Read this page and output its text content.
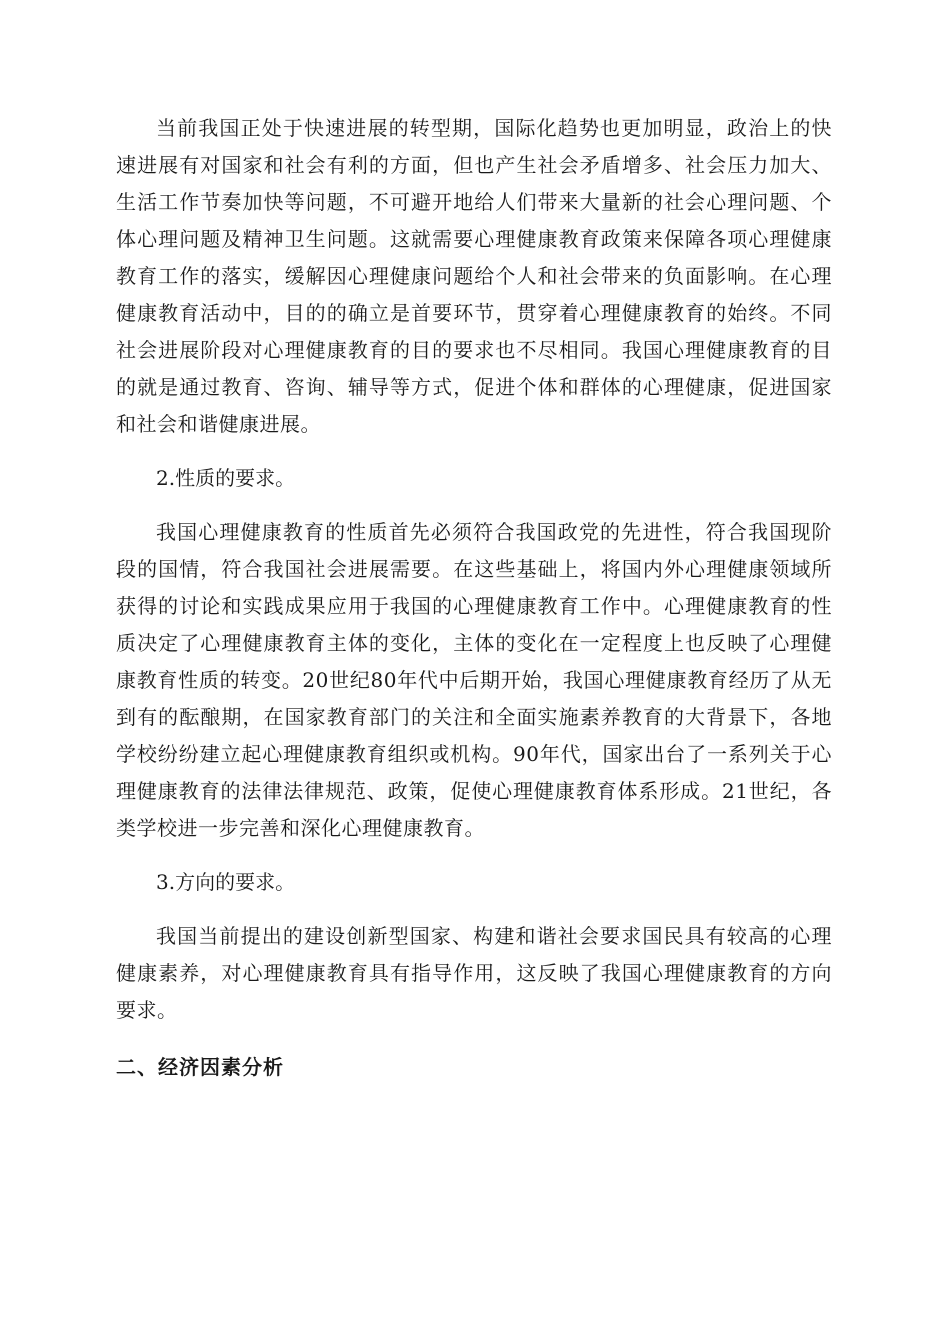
当前我国正处于快速进展的转型期，国际化趋势也更加明显，政治上的快速进展有对国家和社会有利的方面，但也产生社会矛盾增多、社会压力加大、生活工作节奏加快等问题，不可避开地给人们带来大量新的社会心理问题、个体心理问题及精神卫生问题。这就需要心理健康教育政策来保障各项心理健康教育工作的落实，缓解因心理健康问题给个人和社会带来的负面影响。在心理健康教育活动中，目的的确立是首要环节，贯穿着心理健康教育的始终。不同社会进展阶段对心理健康教育的目的要求也不尽相同。我国心理健康教育的目的就是通过教育、咨询、辅导等方式，促进个体和群体的心理健康，促进国家和社会和谐健康进展。

2.性质的要求。

我国心理健康教育的性质首先必须符合我国政党的先进性，符合我国现阶段的国情，符合我国社会进展需要。在这些基础上，将国内外心理健康领域所获得的讨论和实践成果应用于我国的心理健康教育工作中。心理健康教育的性质决定了心理健康教育主体的变化，主体的变化在一定程度上也反映了心理健康教育性质的转变。20世纪80年代中后期开始，我国心理健康教育经历了从无到有的酝酿期，在国家教育部门的关注和全面实施素养教育的大背景下，各地学校纷纷建立起心理健康教育组织或机构。90年代，国家出台了一系列关于心理健康教育的法律法律规范、政策，促使心理健康教育体系形成。21世纪，各类学校进一步完善和深化心理健康教育。

3.方向的要求。

我国当前提出的建设创新型国家、构建和谐社会要求国民具有较高的心理健康素养，对心理健康教育具有指导作用，这反映了我国心理健康教育的方向要求。

二、经济因素分析
